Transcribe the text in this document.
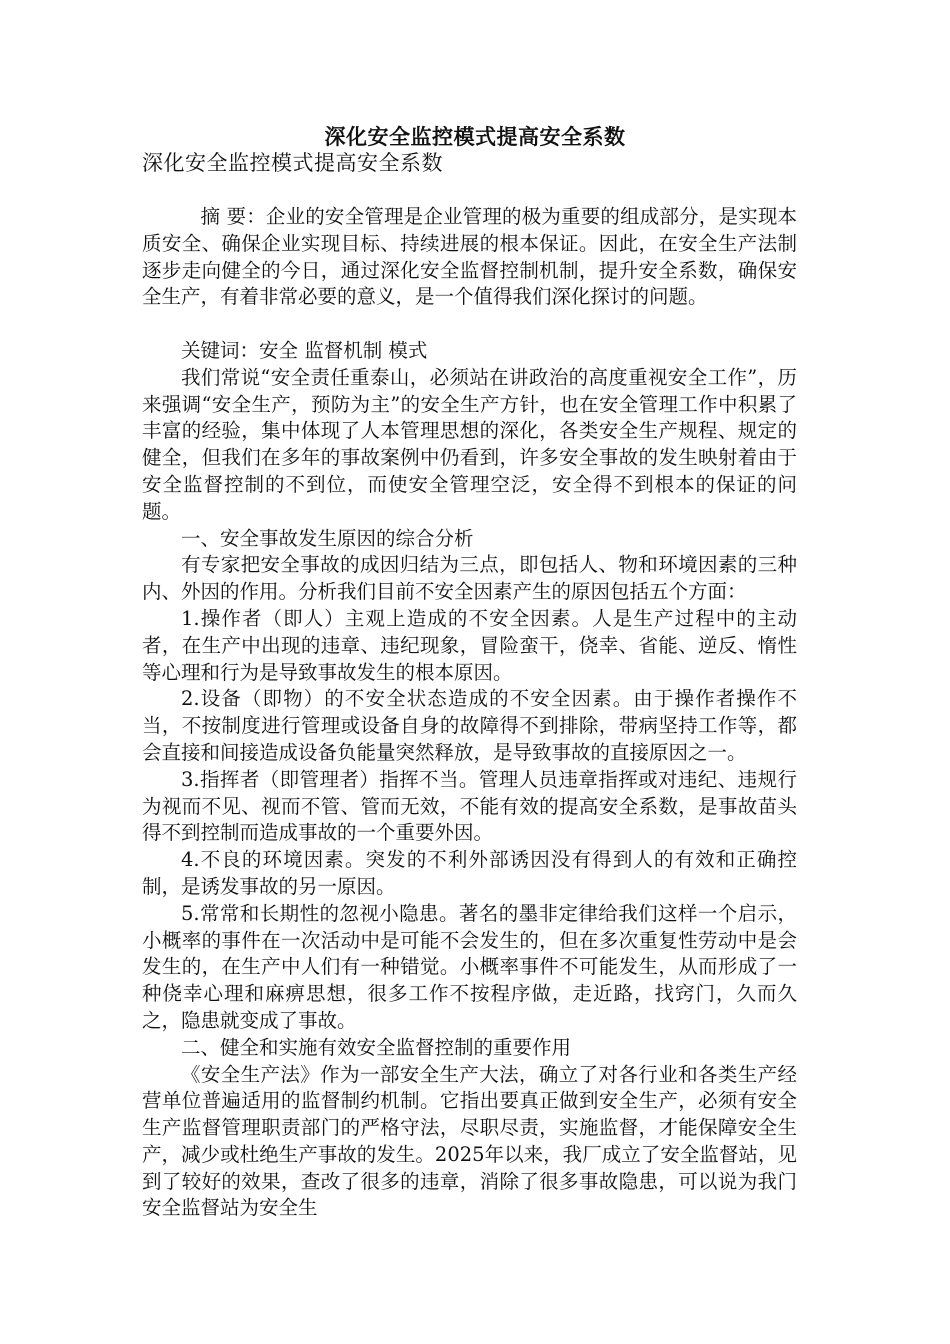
深化安全监控模式提高安全系数
深化安全监控模式提高安全系数

摘 要：企业的安全管理是企业管理的极为重要的组成部分，是实现本质安全、确保企业实现目标、持续进展的根本保证。因此，在安全生产法制逐步走向健全的今日，通过深化安全监督控制机制，提升安全系数，确保安全生产，有着非常必要的意义，是一个值得我们深化探讨的问题。

关键词：安全 监督机制 模式

我们常说“安全责任重泰山，必须站在讲政治的高度重视安全工作”，历来强调“安全生产，预防为主”的安全生产方针，也在安全管理工作中积累了丰富的经验，集中体现了人本管理思想的深化，各类安全生产规程、规定的健全，但我们在多年的事故案例中仍看到，许多安全事故的发生映射着由于安全监督控制的不到位，而使安全管理空泛，安全得不到根本的保证的问题。

一、安全事故发生原因的综合分析

有专家把安全事故的成因归结为三点，即包括人、物和环境因素的三种内、外因的作用。分析我们目前不安全因素产生的原因包括五个方面：

1.操作者（即人）主观上造成的不安全因素。人是生产过程中的主动者，在生产中出现的违章、违纪现象，冒险蛮干，侥幸、省能、逆反、惰性等心理和行为是导致事故发生的根本原因。

2.设备（即物）的不安全状态造成的不安全因素。由于操作者操作不当，不按制度进行管理或设备自身的故障得不到排除，带病坚持工作等，都会直接和间接造成设备负能量突然释放，是导致事故的直接原因之一。

3.指挥者（即管理者）指挥不当。管理人员违章指挥或对违纪、违规行为视而不见、视而不管、管而无效，不能有效的提高安全系数，是事故苗头得不到控制而造成事故的一个重要外因。

4.不良的环境因素。突发的不利外部诱因没有得到人的有效和正确控制，是诱发事故的另一原因。

5.常常和长期性的忽视小隐患。著名的墨非定律给我们这样一个启示，小概率的事件在一次活动中是可能不会发生的，但在多次重复性劳动中是会发生的，在生产中人们有一种错觉。小概率事件不可能发生，从而形成了一种侥幸心理和麻痹思想，很多工作不按程序做，走近路，找窍门，久而久之，隐患就变成了事故。

二、健全和实施有效安全监督控制的重要作用

《安全生产法》作为一部安全生产大法，确立了对各行业和各类生产经营单位普遍适用的监督制约机制。它指出要真正做到安全生产，必须有安全生产监督管理职责部门的严格守法，尽职尽责，实施监督，才能保障安全生产，减少或杜绝生产事故的发生。2025年以来，我厂成立了安全监督站，见到了较好的效果，查改了很多的违章，消除了很多事故隐患，可以说为我门安全监督站为安全生
